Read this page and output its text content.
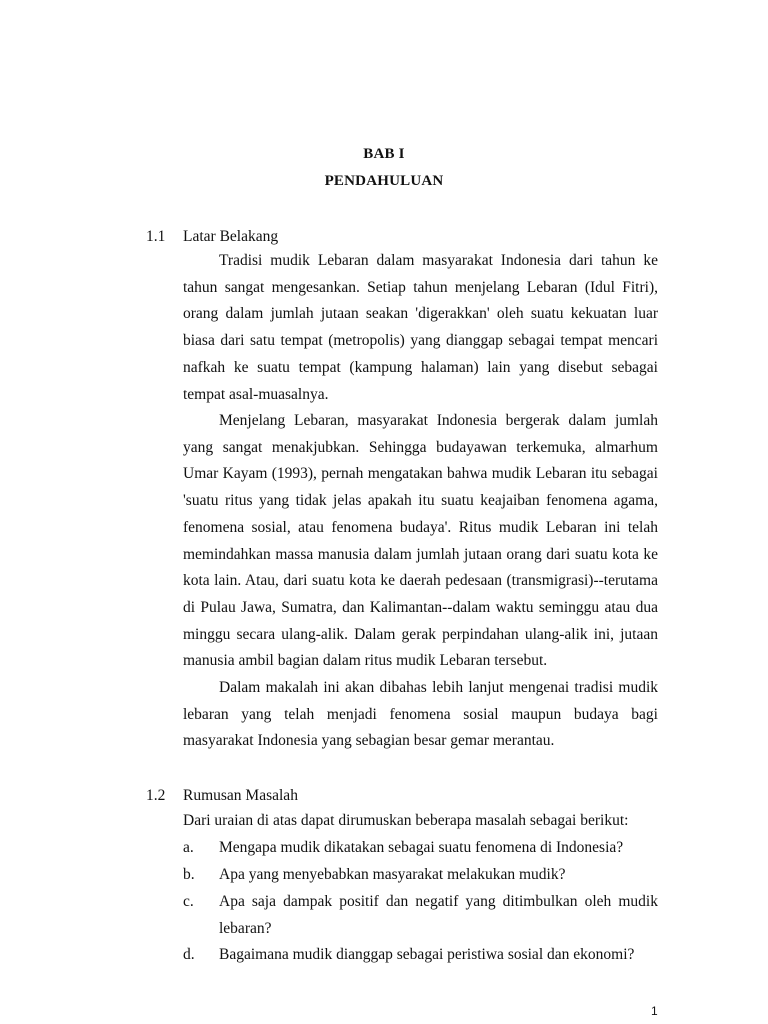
BAB I
PENDAHULUAN
1.1 Latar Belakang

Tradisi mudik Lebaran dalam masyarakat Indonesia dari tahun ke tahun sangat mengesankan. Setiap tahun menjelang Lebaran (Idul Fitri), orang dalam jumlah jutaan seakan 'digerakkan' oleh suatu kekuatan luar biasa dari satu tempat (metropolis) yang dianggap sebagai tempat mencari nafkah ke suatu tempat (kampung halaman) lain yang disebut sebagai tempat asal-muasalnya.

Menjelang Lebaran, masyarakat Indonesia bergerak dalam jumlah yang sangat menakjubkan. Sehingga budayawan terkemuka, almarhum Umar Kayam (1993), pernah mengatakan bahwa mudik Lebaran itu sebagai 'suatu ritus yang tidak jelas apakah itu suatu keajaiban fenomena agama, fenomena sosial, atau fenomena budaya'. Ritus mudik Lebaran ini telah memindahkan massa manusia dalam jumlah jutaan orang dari suatu kota ke kota lain. Atau, dari suatu kota ke daerah pedesaan (transmigrasi)--terutama di Pulau Jawa, Sumatra, dan Kalimantan--dalam waktu seminggu atau dua minggu secara ulang-alik. Dalam gerak perpindahan ulang-alik ini, jutaan manusia ambil bagian dalam ritus mudik Lebaran tersebut.

Dalam makalah ini akan dibahas lebih lanjut mengenai tradisi mudik lebaran yang telah menjadi fenomena sosial maupun budaya bagi masyarakat Indonesia yang sebagian besar gemar merantau.

1.2 Rumusan Masalah

Dari uraian di atas dapat dirumuskan beberapa masalah sebagai berikut:

a. Mengapa mudik dikatakan sebagai suatu fenomena di Indonesia?
b. Apa yang menyebabkan masyarakat melakukan mudik?
c. Apa saja dampak positif dan negatif yang ditimbulkan oleh mudik lebaran?
d. Bagaimana mudik dianggap sebagai peristiwa sosial dan ekonomi?
1
